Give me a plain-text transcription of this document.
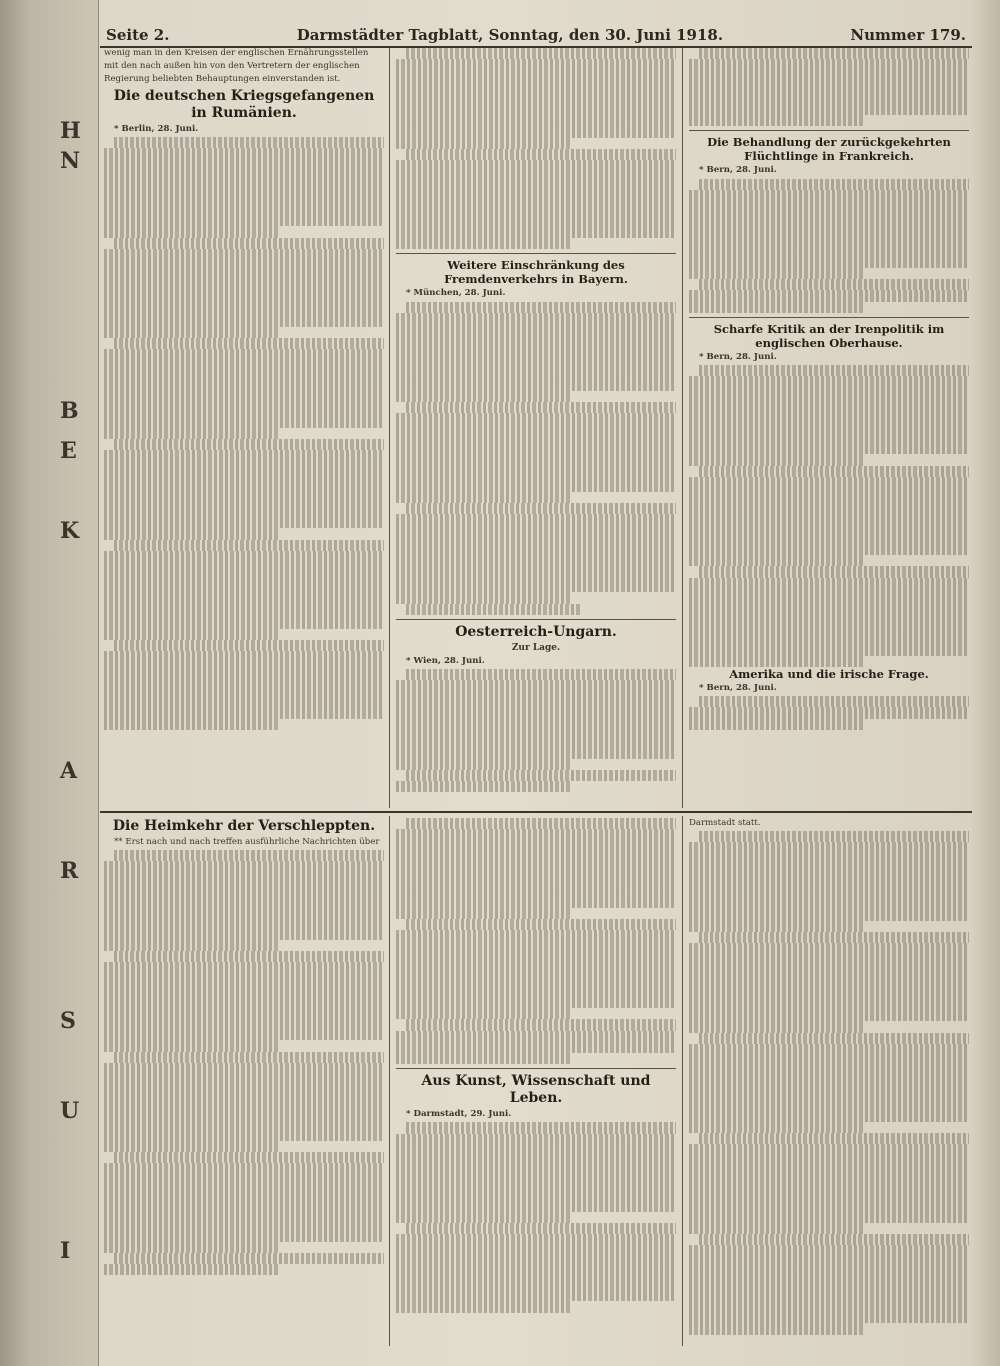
H
N
B
E
K
A
R
S
U
I
Seite 2.	Darmstädter Tagblatt, Sonntag, den 30. Juni 1918.	Nummer 179.

wenig man in den Kreisen der englischen Ernährungsstellen

mit den nach außen hin von den Vertretern der englischen

Regierung beliebten Behauptungen einverstanden ist.

Die deutschen Kriegsgefangenen in Rumänien.

* Berlin, 28. Juni.

Weitere Einschränkung des Fremdenverkehrs in Bayern.

* München, 28. Juni.

Oesterreich-Ungarn.

Zur Lage.

* Wien, 28. Juni.

Die Behandlung der zurückgekehrten Flüchtlinge in Frankreich.

* Bern, 28. Juni.

Scharfe Kritik an der Irenpolitik im englischen Oberhause.

* Bern, 28. Juni.

Amerika und die irische Frage.

* Bern, 28. Juni.

Die Heimkehr der Verschleppten.

** Erst nach und nach treffen ausführliche Nachrichten über

Aus Kunst, Wissenschaft und Leben.

* Darmstadt, 29. Juni.

Darmstadt statt.
